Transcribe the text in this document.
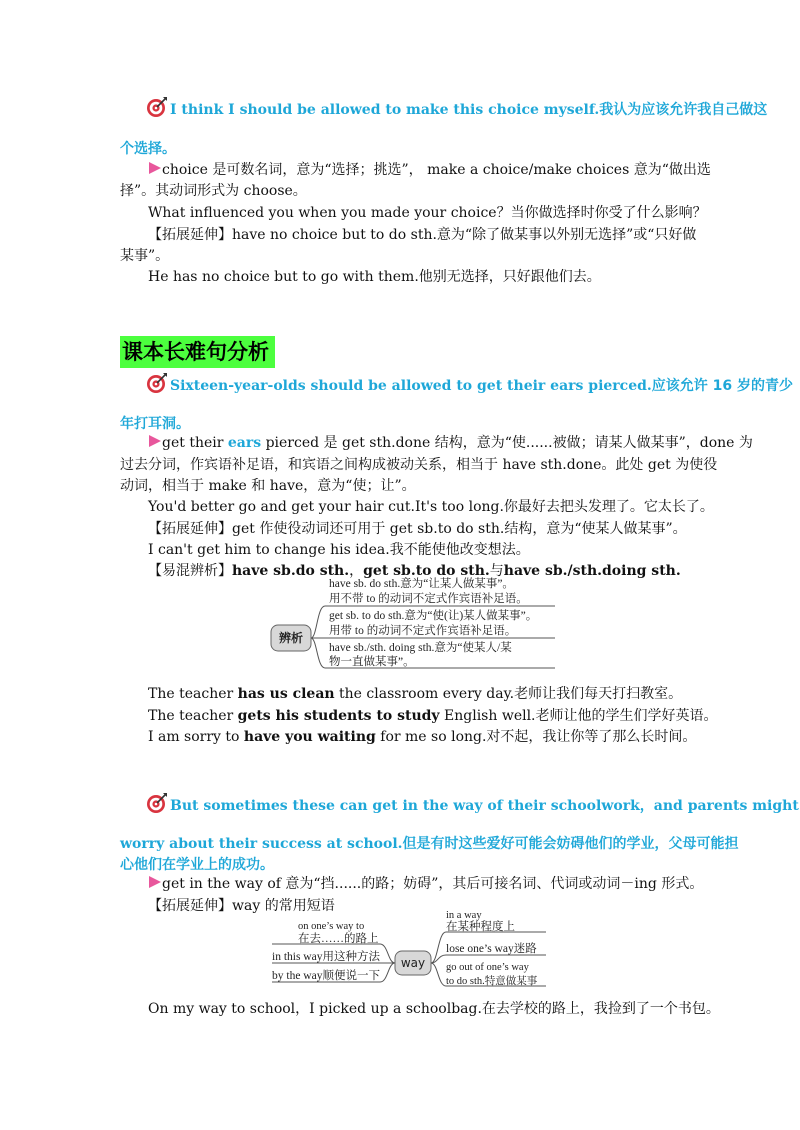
I think I should be allowed to make this choice myself.我认为应该允许我自己做这
个选择。
choice 是可数名词，意为“选择；挑选”， make a choice/make choices 意为“做出选
择”。其动词形式为 choose。
What influenced you when you made your choice？当你做选择时你受了什么影响？
【拓展延伸】have no choice but to do sth.意为“除了做某事以外别无选择”或“只好做
某事”。
He has no choice but to go with them.他别无选择，只好跟他们去。
课本长难句分析
Sixteen-year-olds should be allowed to get their ears pierced.应该允许 16 岁的青少
年打耳洞。
get their ears pierced 是 get sth.done 结构，意为“使......被做；请某人做某事”，done 为
过去分词，作宾语补足语，和宾语之间构成被动关系，相当于 have sth.done。此处 get 为使役
动词，相当于 make 和 have，意为“使；让”。
You'd better go and get your hair cut.It's too long.你最好去把头发理了。它太长了。
【拓展延伸】get 作使役动词还可用于 get sb.to do sth.结构，意为“使某人做某事”。
I can't get him to change his idea.我不能使他改变想法。
【易混辨析】have sb.do sth.，get sb.to do sth.与have sb./sth.doing sth.
辨析
have sb. do sth.意为“让某人做某事”。
用不带 to 的动词不定式作宾语补足语。
get sb. to do sth.意为“使(让)某人做某事”。
用带 to 的动词不定式作宾语补足语。
have sb./sth. doing sth.意为“使某人/某
物一直做某事”。
The teacher has us clean the classroom every day.老师让我们每天打扫教室。
The teacher gets his students to study English well.老师让他的学生们学好英语。
I am sorry to have you waiting for me so long.对不起，我让你等了那么长时间。
But sometimes these can get in the way of their schoolwork，and parents might
worry about their success at school.但是有时这些爱好可能会妨碍他们的学业，父母可能担
心他们在学业上的成功。
get in the way of 意为“挡......的路；妨碍”，其后可接名词、代词或动词－ing 形式。
【拓展延伸】way 的常用短语
way
on one’s way to
在去……的路上
in this way用这种方法
by the way顺便说一下
in a way
在某种程度上
lose one’s way迷路
go out of one’s way
to do sth.特意做某事
On my way to school，I picked up a schoolbag.在去学校的路上，我捡到了一个书包。
